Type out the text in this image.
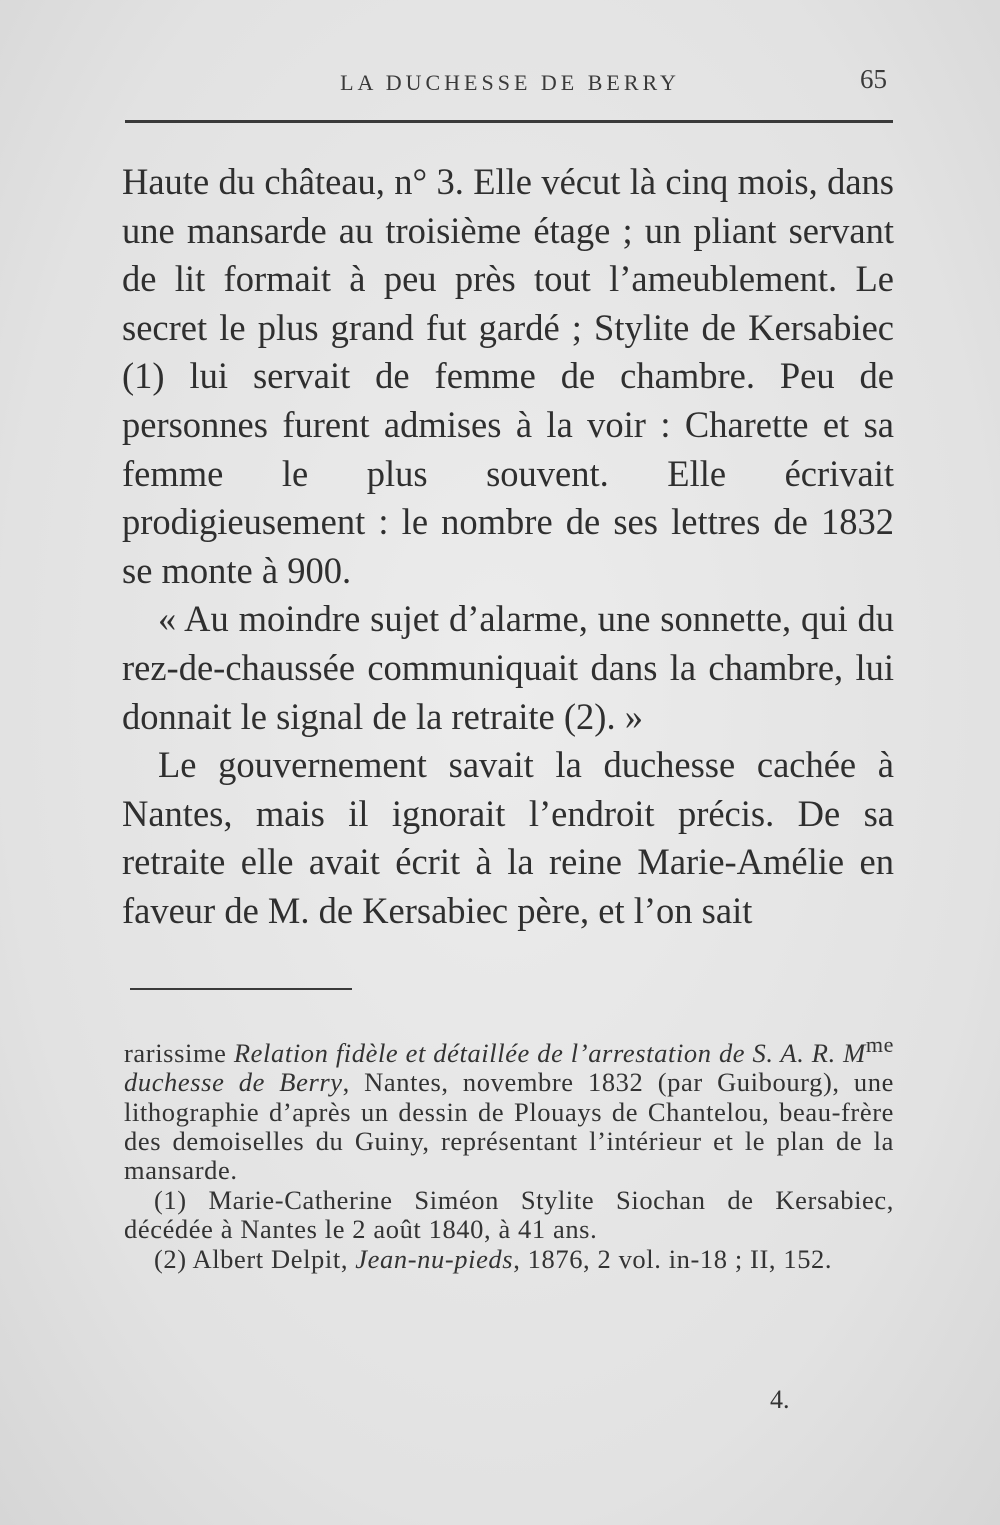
LA DUCHESSE DE BERRY	65

Haute du château, n° 3. Elle vécut là cinq mois, dans une mansarde au troisième étage ; un pliant servant de lit formait à peu près tout l’ameublement. Le secret le plus grand fut gardé ; Stylite de Kersabiec (1) lui servait de femme de chambre. Peu de personnes furent admises à la voir : Charette et sa femme le plus souvent. Elle écrivait prodigieusement : le nombre de ses lettres de 1832 se monte à 900.

« Au moindre sujet d’alarme, une sonnette, qui du rez-de-chaussée communiquait dans la chambre, lui donnait le signal de la retraite (2). »

Le gouvernement savait la duchesse cachée à Nantes, mais il ignorait l’endroit précis. De sa retraite elle avait écrit à la reine Marie-Amélie en faveur de M. de Kersabiec père, et l’on sait

rarissime Relation fidèle et détaillée de l’arrestation de S. A. R. $M^{me}$ duchesse de Berry, Nantes, novembre 1832 (par Guibourg), une lithographie d’après un dessin de Plouays de Chantelou, beau-frère des demoiselles du Guiny, représentant l’intérieur et le plan de la mansarde.

(1) Marie-Catherine Siméon Stylite Siochan de Kersabiec, décédée à Nantes le 2 août 1840, à 41 ans.

(2) Albert Delpit, Jean-nu-pieds, 1876, 2 vol. in-18 ; II, 152.

4.
